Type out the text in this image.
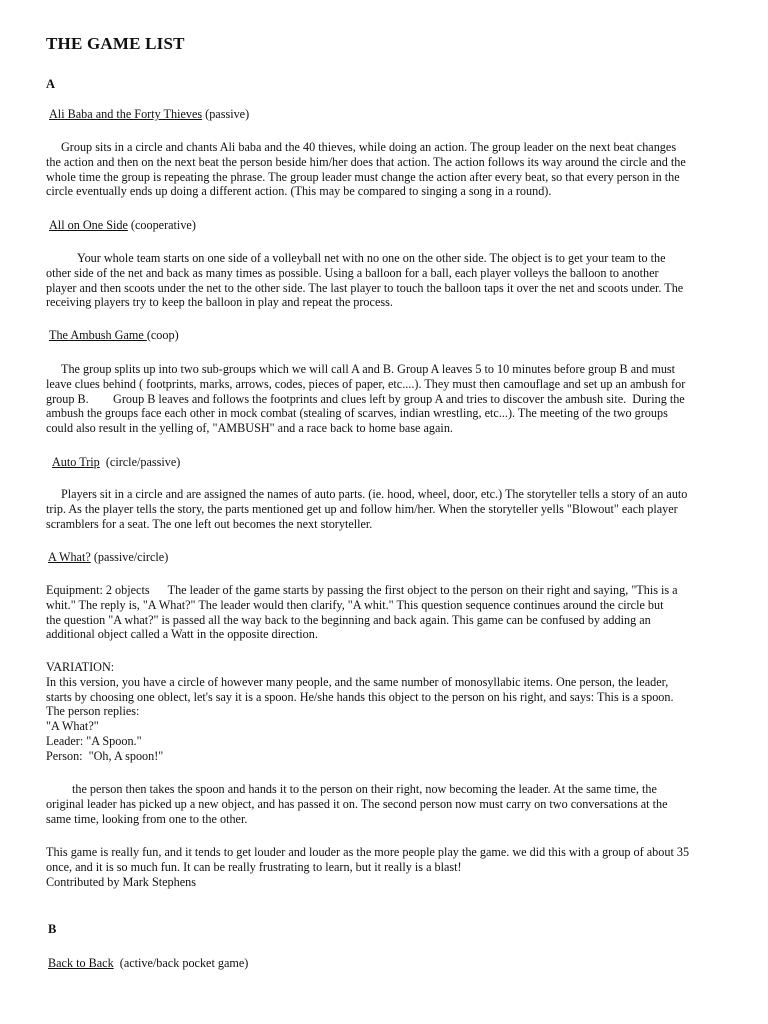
THE GAME LIST
A
Ali Baba and the Forty Thieves (passive)
Group sits in a circle and chants Ali baba and the 40 thieves, while doing an action. The group leader on the next beat changes
the action and then on the next beat the person beside him/her does that action. The action follows its way around the circle and the
whole time the group is repeating the phrase. The group leader must change the action after every beat, so that every person in the
circle eventually ends up doing a different action. (This may be compared to singing a song in a round).
All on One Side (cooperative)
Your whole team starts on one side of a volleyball net with no one on the other side. The object is to get your team to the
other side of the net and back as many times as possible. Using a balloon for a ball, each player volleys the balloon to another
player and then scoots under the net to the other side. The last player to touch the balloon taps it over the net and scoots under. The
receiving players try to keep the balloon in play and repeat the process.
The Ambush Game (coop)
The group splits up into two sub-groups which we will call A and B. Group A leaves 5 to 10 minutes before group B and must
leave clues behind ( footprints, marks, arrows, codes, pieces of paper, etc....). They must then camouflage and set up an ambush for
group B.        Group B leaves and follows the footprints and clues left by group A and tries to discover the ambush site.  During the
ambush the groups face each other in mock combat (stealing of scarves, indian wrestling, etc...). The meeting of the two groups
could also result in the yelling of, "AMBUSH" and a race back to home base again.
Auto Trip  (circle/passive)
Players sit in a circle and are assigned the names of auto parts. (ie. hood, wheel, door, etc.) The storyteller tells a story of an auto
trip. As the player tells the story, the parts mentioned get up and follow him/her. When the storyteller yells "Blowout" each player
scramblers for a seat. The one left out becomes the next storyteller.
A What? (passive/circle)
Equipment: 2 objects      The leader of the game starts by passing the first object to the person on their right and saying, "This is a
whit." The reply is, "A What?" The leader would then clarify, "A whit." This question sequence continues around the circle but
the question "A what?" is passed all the way back to the beginning and back again. This game can be confused by adding an
additional object called a Watt in the opposite direction.
VARIATION:
In this version, you have a circle of however many people, and the same number of monosyllabic items. One person, the leader,
starts by choosing one oblect, let's say it is a spoon. He/she hands this object to the person on his right, and says: This is a spoon.
The person replies:
"A What?"
Leader: "A Spoon."
Person:  "Oh, A spoon!"
the person then takes the spoon and hands it to the person on their right, now becoming the leader. At the same time, the
original leader has picked up a new object, and has passed it on. The second person now must carry on two conversations at the
same time, looking from one to the other.
This game is really fun, and it tends to get louder and louder as the more people play the game. we did this with a group of about 35
once, and it is so much fun. It can be really frustrating to learn, but it really is a blast!
Contributed by Mark Stephens
B
Back to Back  (active/back pocket game)
